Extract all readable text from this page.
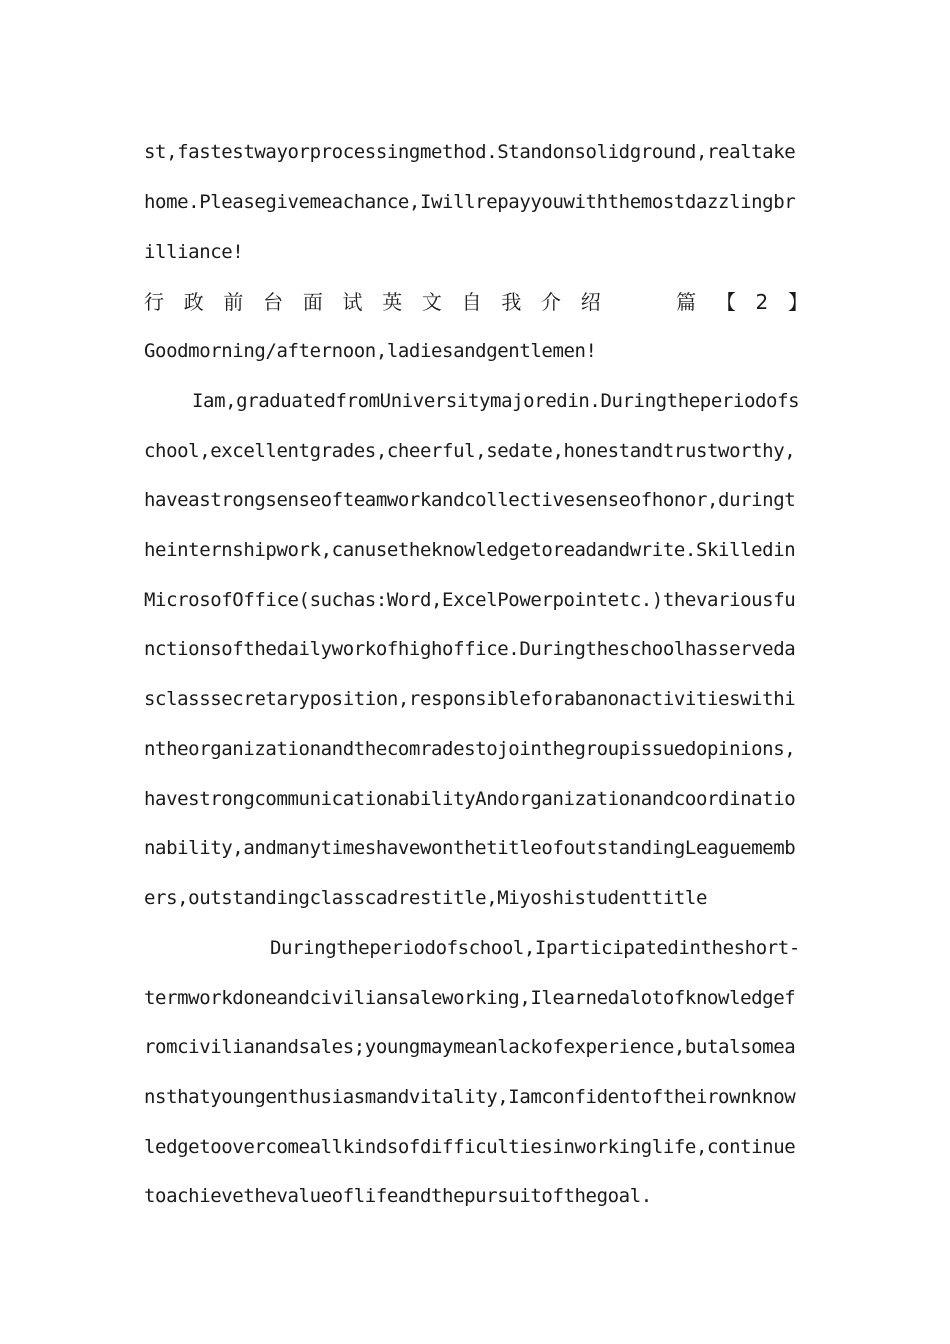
st,fastestwayorprocessingmethod.Standonsolidground,realtake
home.Pleasegivemeachance,Iwillrepayyouwiththemostdazzlingbr
illiance!
行 政 前 台 面 试 英 文 自 我 介 绍	篇 【 2 】
Goodmorning/afternoon,ladiesandgentlemen!
Iam,graduatedfromUniversitymajoredin.Duringtheperiodofs
chool,excellentgrades,cheerful,sedate,honestandtrustworthy,
haveastrongsenseofteamworkandcollectivesenseofhonor,duringt
heinternshipwork,canusetheknowledgetoreadandwrite.Skilledin
MicrosofOffice(suchas:Word,ExcelPowerpointetc.)thevariousfu
nctionsofthedailyworkofhighoffice.Duringtheschoolhasserveda
sclasssecretaryposition,responsibleforabanonactivitieswithi
ntheorganizationandthecomradestojointhegroupissuedopinions,
havestrongcommunicationabilityAndorganizationandcoordinatio
nability,andmanytimeshavewonthetitleofoutstandingLeaguememb
ers,outstandingclasscadrestitle,Miyoshistudenttitle
Duringtheperiodofschool,Iparticipatedintheshort-
termworkdoneandciviliansaleworking,Ilearnedalotofknowledgef
romcivilianandsales;youngmaymeanlackofexperience,butalsomea
nsthatyoungenthusiasmandvitality,Iamconfidentoftheirownknow
ledgetoovercomeallkindsofdifficultiesinworkinglife,continue
toachievethevalueoflifeandthepursuitofthegoal.
